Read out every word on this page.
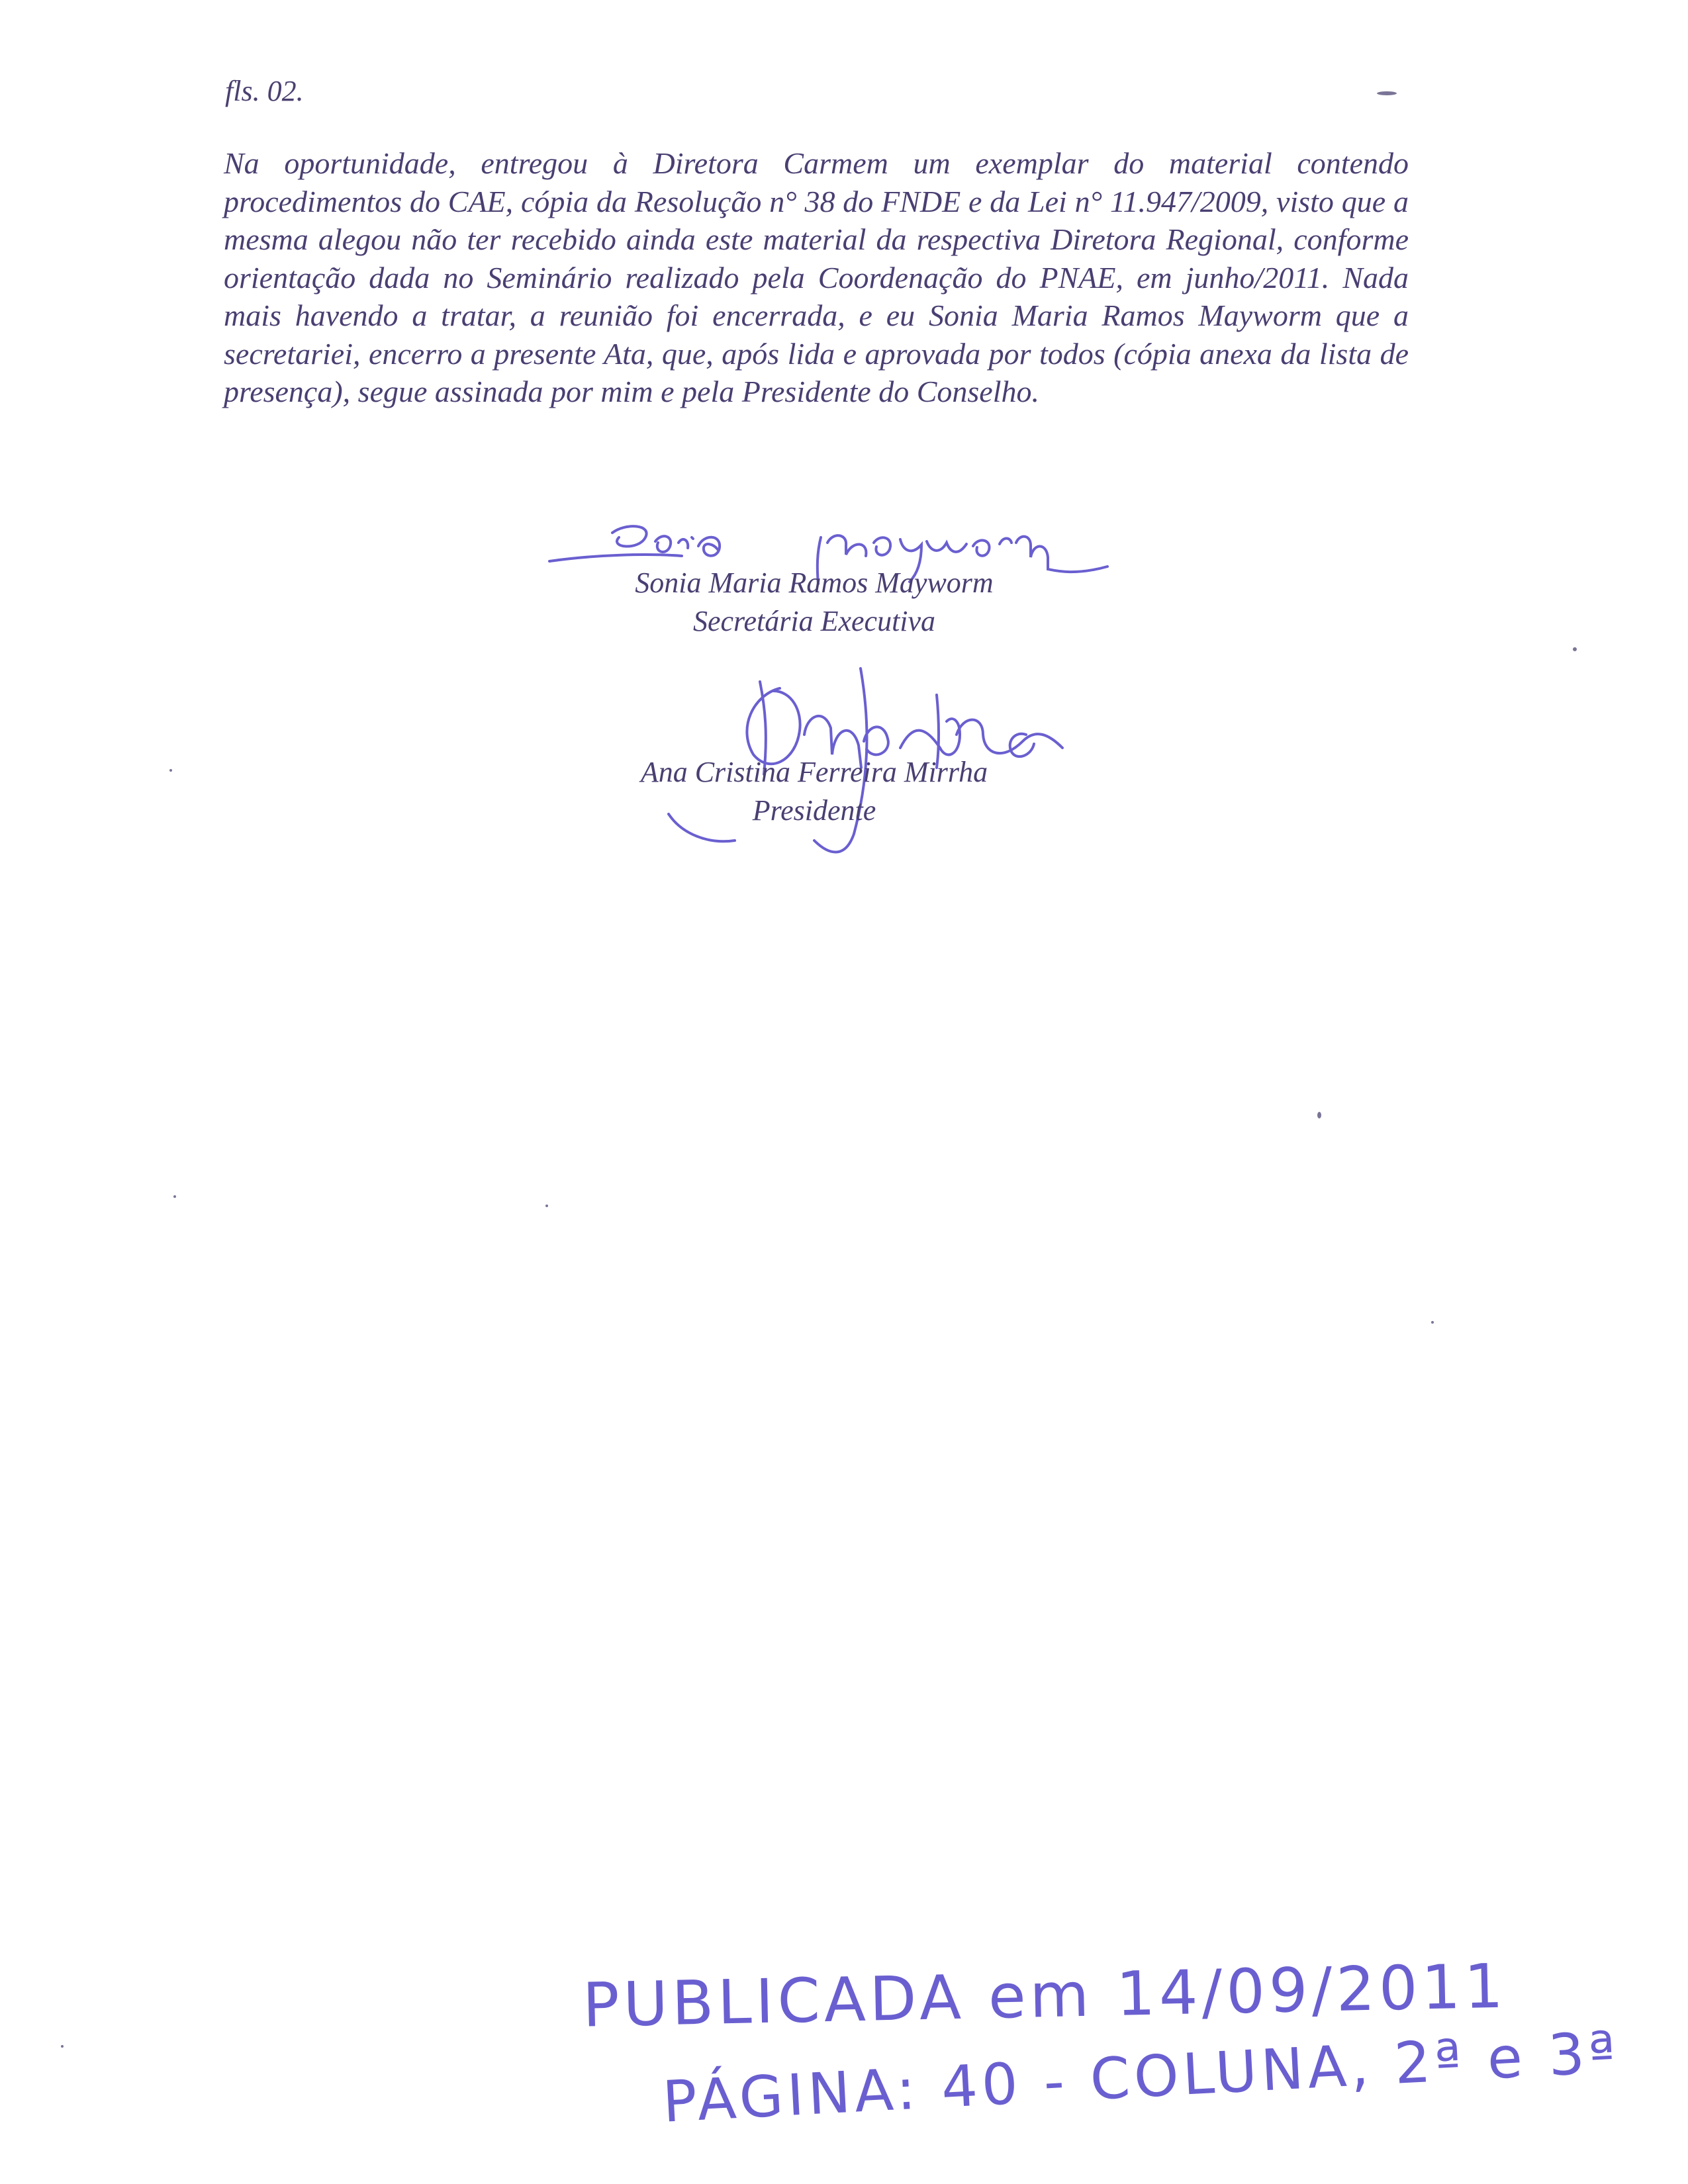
fls. 02.
Na oportunidade, entregou à Diretora Carmem um exemplar do material contendo procedimentos do CAE, cópia da Resolução n° 38 do FNDE e da Lei n° 11.947/2009, visto que a mesma alegou não ter recebido ainda este material da respectiva Diretora Regional, conforme orientação dada no Seminário realizado pela Coordenação do PNAE, em junho/2011. Nada mais havendo a tratar, a reunião foi encerrada, e eu Sonia Maria Ramos Mayworm que a secretariei, encerro a presente Ata, que, após lida e aprovada por todos (cópia anexa da lista de presença), segue assinada por mim e pela Presidente do Conselho.
Sonia Maria Ramos Mayworm
Secretária Executiva
Ana Cristina Ferreira Mirrha
Presidente
PUBLICADA em 14/09/2011
PÁGINA: 40 - COLUNA, 2ª e 3ª
